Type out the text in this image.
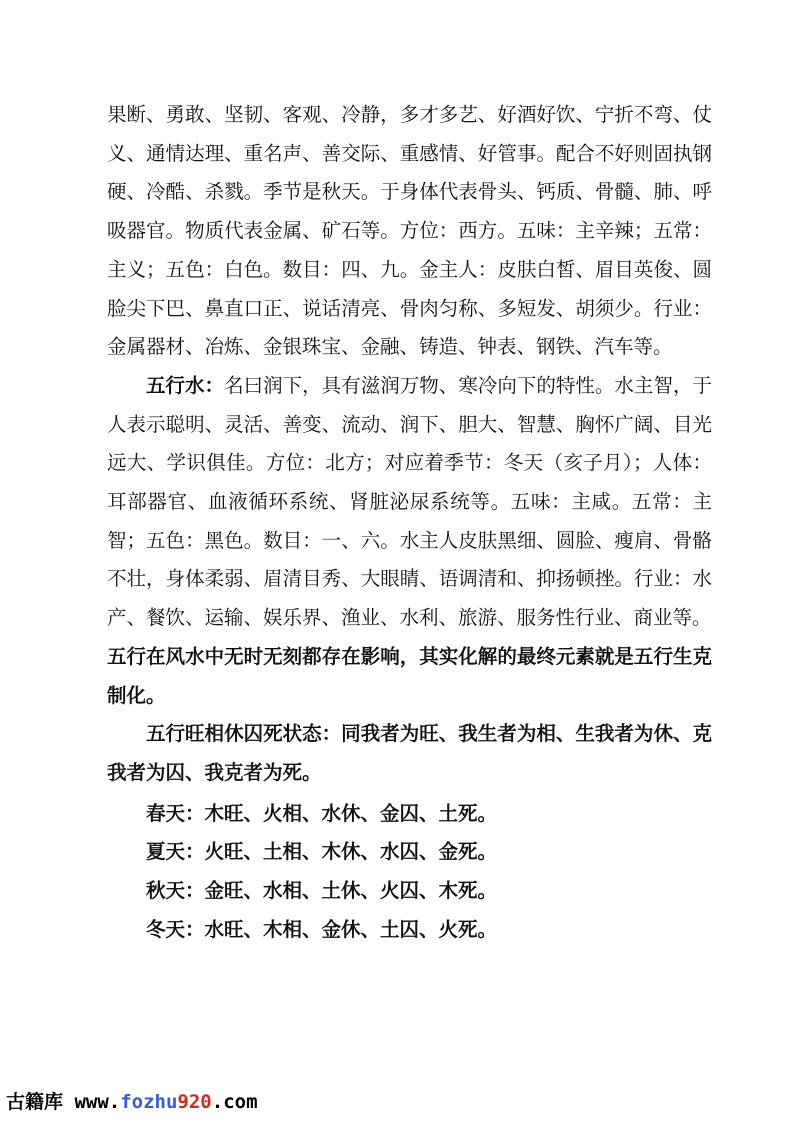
果断、勇敢、坚韧、客观、冷静，多才多艺、好酒好饮、宁折不弯、仗义、通情达理、重名声、善交际、重感情、好管事。配合不好则固执钢硬、冷酷、杀戮。季节是秋天。于身体代表骨头、钙质、骨髓、肺、呼吸器官。物质代表金属、矿石等。方位：西方。五味：主辛辣；五常：主义；五色：白色。数目：四、九。金主人：皮肤白皙、眉目英俊、圆脸尖下巴、鼻直口正、说话清亮、骨肉匀称、多短发、胡须少。行业：金属器材、冶炼、金银珠宝、金融、铸造、钟表、钢铁、汽车等。

五行水：名曰润下，具有滋润万物、寒冷向下的特性。水主智，于人表示聪明、灵活、善变、流动、润下、胆大、智慧、胸怀广阔、目光远大、学识俱佳。方位：北方；对应着季节：冬天（亥子月）；人体：耳部器官、血液循环系统、肾脏泌尿系统等。五味：主咸。五常：主智；五色：黑色。数目：一、六。水主人皮肤黑细、圆脸、瘦肩、骨骼不壮，身体柔弱、眉清目秀、大眼睛、语调清和、抑扬顿挫。行业：水产、餐饮、运输、娱乐界、渔业、水利、旅游、服务性行业、商业等。

五行在风水中无时无刻都存在影响，其实化解的最终元素就是五行生克制化。

五行旺相休囚死状态：同我者为旺、我生者为相、生我者为休、克我者为囚、我克者为死。

春天：木旺、火相、水休、金囚、土死。

夏天：火旺、土相、木休、水囚、金死。

秋天：金旺、水相、土休、火囚、木死。

冬天：水旺、木相、金休、土囚、火死。

古籍库 www.fozhu920.com
